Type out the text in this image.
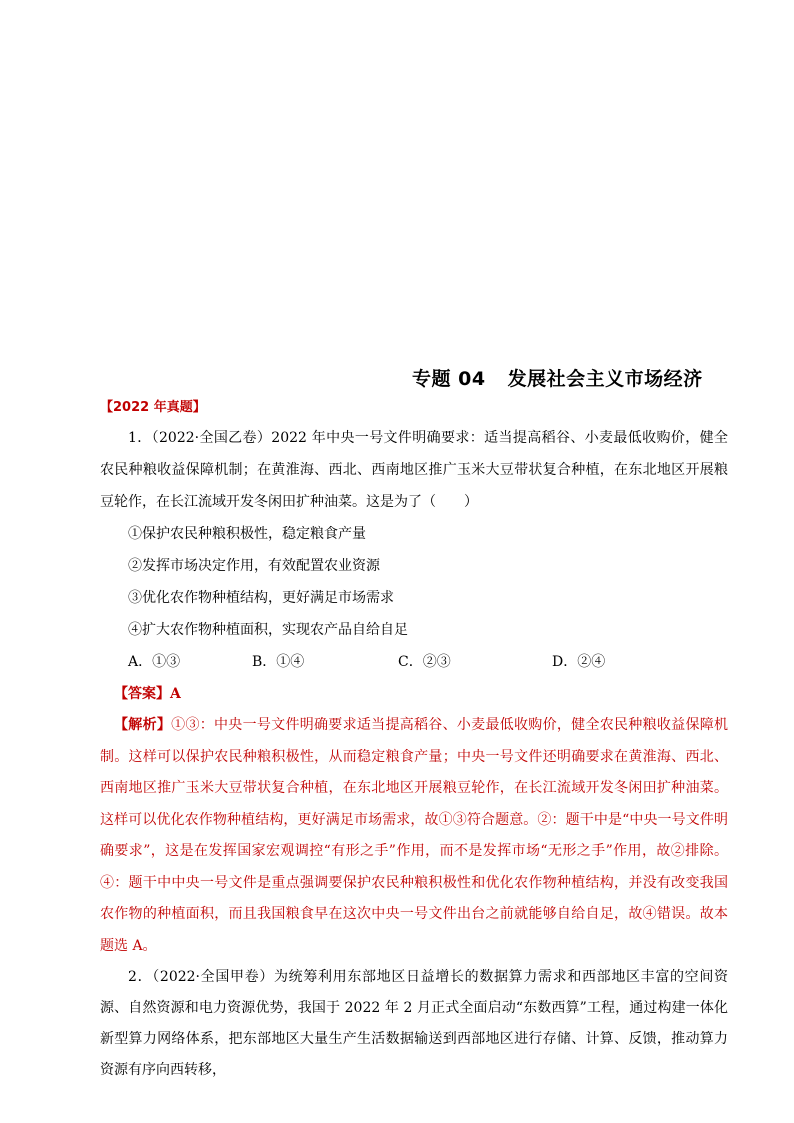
专题 04 发展社会主义市场经济
【2022 年真题】

1．（2022·全国乙卷）2022 年中央一号文件明确要求：适当提高稻谷、小麦最低收购价，健全农民种粮收益保障机制；在黄淮海、西北、西南地区推广玉米大豆带状复合种植，在东北地区开展粮豆轮作，在长江流域开发冬闲田扩种油菜。这是为了（　　）

①保护农民种粮积极性，稳定粮食产量

②发挥市场决定作用，有效配置农业资源

③优化农作物种植结构，更好满足市场需求

④扩大农作物种植面积，实现农产品自给自足

A．①③	B．①④	C．②③	D．②④
【答案】A

【解析】①③：中央一号文件明确要求适当提高稻谷、小麦最低收购价，健全农民种粮收益保障机制。这样可以保护农民种粮积极性，从而稳定粮食产量；中央一号文件还明确要求在黄淮海、西北、西南地区推广玉米大豆带状复合种植，在东北地区开展粮豆轮作，在长江流域开发冬闲田扩种油菜。这样可以优化农作物种植结构，更好满足市场需求，故①③符合题意。②：题干中是“中央一号文件明确要求”，这是在发挥国家宏观调控“有形之手”作用，而不是发挥市场“无形之手”作用，故②排除。④：题干中中央一号文件是重点强调要保护农民种粮积极性和优化农作物种植结构，并没有改变我国农作物的种植面积，而且我国粮食早在这次中央一号文件出台之前就能够自给自足，故④错误。故本题选 A。

2．（2022·全国甲卷）为统筹利用东部地区日益增长的数据算力需求和西部地区丰富的空间资源、自然资源和电力资源优势，我国于 2022 年 2 月正式全面启动“东数西算”工程，通过构建一体化新型算力网络体系，把东部地区大量生产生活数据输送到西部地区进行存储、计算、反馈，推动算力资源有序向西转移，
